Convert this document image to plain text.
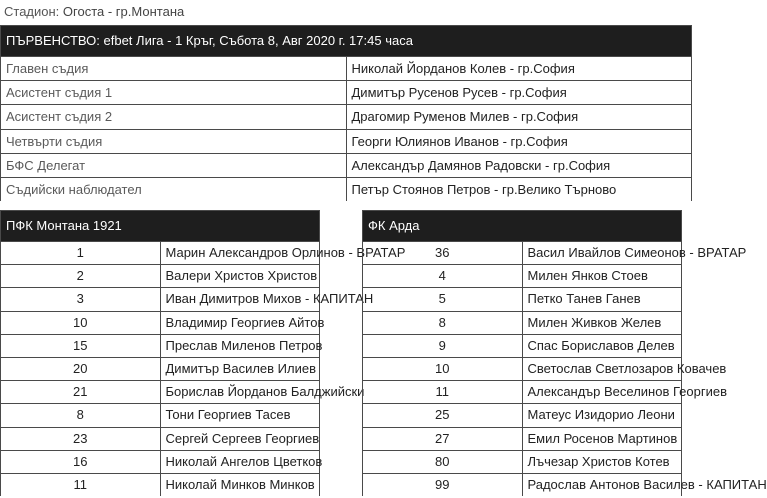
Стадион: Огоста - гр.Монтана
ПЪРВЕНСТВО: efbet Лига - 1 Кръг, Събота 8, Авг 2020 г. 17:45 часа	
Главен съдия	Николай Йорданов Колев - гр.София
Асистент съдия 1	Димитър Русенов Русев - гр.София
Асистент съдия 2	Драгомир Руменов Милев - гр.София
Четвърти съдия	Георги Юлиянов Иванов - гр.София
БФС Делегат	Александър Дамянов Радовски - гр.София
Съдийски наблюдател	Петър Стоянов Петров - гр.Велико Търново
ПФК Монтана 1921	
1	Марин Александров Орлинов - ВРАТАР
2	Валери Христов Христов
3	Иван Димитров Михов - КАПИТАН
10	Владимир Георгиев Айтов
15	Преслав Миленов Петров
20	Димитър Василев Илиев
21	Борислав Йорданов Балджийски
8	Тони Георгиев Тасев
23	Сергей Сергеев Георгиев
16	Николай Ангелов Цветков
11	Николай Минков Минков
ФК Арда	
36	Васил Ивайлов Симеонов - ВРАТАР
4	Милен Янков Стоев
5	Петко Танев Ганев
8	Милен Живков Желев
9	Спас Бориславов Делев
10	Светослав Светлозаров Ковачев
11	Александър Веселинов Георгиев
25	Матеус Изидорио Леони
27	Емил Росенов Мартинов
80	Лъчезар Христов Котев
99	Радослав Антонов Василев - КАПИТАН
